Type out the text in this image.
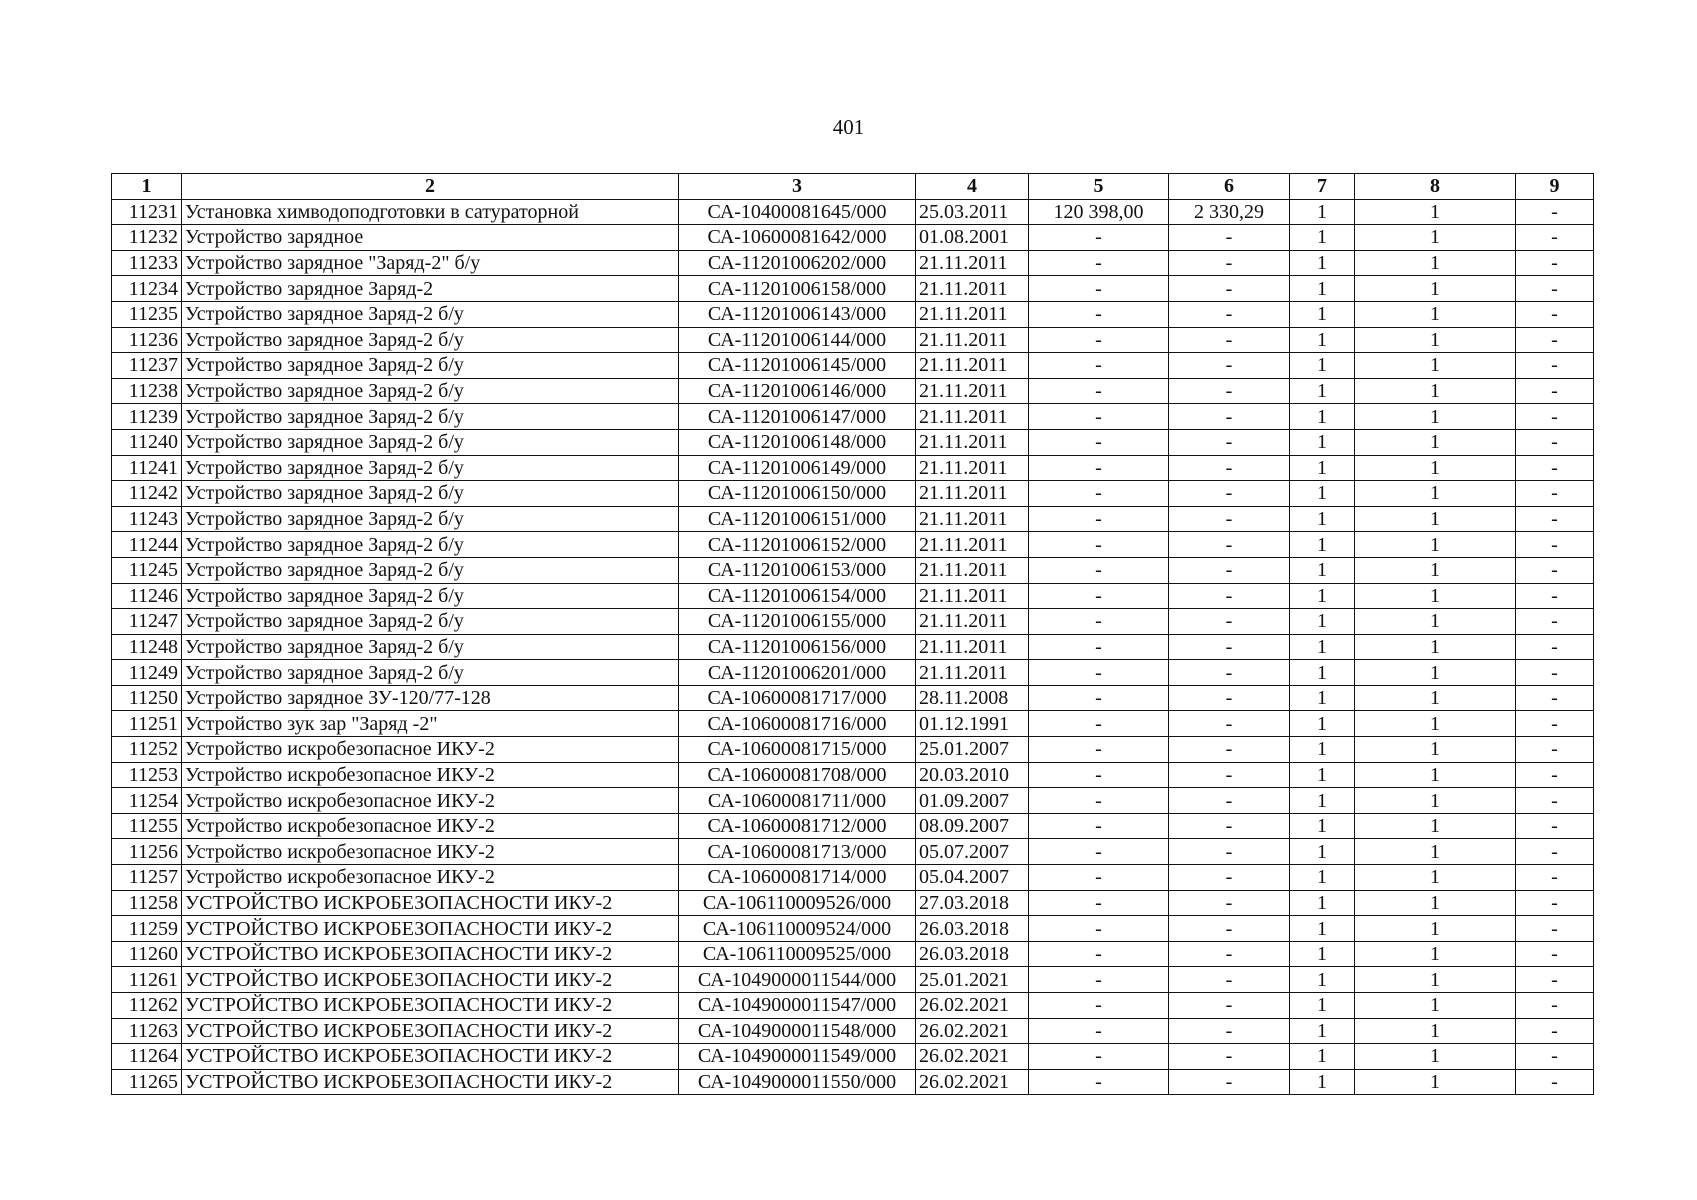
401
1	2	3	4	5	6	7	8	9
11231	Установка химводоподготовки в сатураторной	СА-10400081645/000	25.03.2011	120 398,00	2 330,29	1	1	-
11232	Устройство зарядное	СА-10600081642/000	01.08.2001	-	-	1	1	-
11233	Устройство зарядное "Заряд-2" б/у	СА-11201006202/000	21.11.2011	-	-	1	1	-
11234	Устройство зарядное Заряд-2	СА-11201006158/000	21.11.2011	-	-	1	1	-
11235	Устройство зарядное Заряд-2 б/у	СА-11201006143/000	21.11.2011	-	-	1	1	-
11236	Устройство зарядное Заряд-2 б/у	СА-11201006144/000	21.11.2011	-	-	1	1	-
11237	Устройство зарядное Заряд-2 б/у	СА-11201006145/000	21.11.2011	-	-	1	1	-
11238	Устройство зарядное Заряд-2 б/у	СА-11201006146/000	21.11.2011	-	-	1	1	-
11239	Устройство зарядное Заряд-2 б/у	СА-11201006147/000	21.11.2011	-	-	1	1	-
11240	Устройство зарядное Заряд-2 б/у	СА-11201006148/000	21.11.2011	-	-	1	1	-
11241	Устройство зарядное Заряд-2 б/у	СА-11201006149/000	21.11.2011	-	-	1	1	-
11242	Устройство зарядное Заряд-2 б/у	СА-11201006150/000	21.11.2011	-	-	1	1	-
11243	Устройство зарядное Заряд-2 б/у	СА-11201006151/000	21.11.2011	-	-	1	1	-
11244	Устройство зарядное Заряд-2 б/у	СА-11201006152/000	21.11.2011	-	-	1	1	-
11245	Устройство зарядное Заряд-2 б/у	СА-11201006153/000	21.11.2011	-	-	1	1	-
11246	Устройство зарядное Заряд-2 б/у	СА-11201006154/000	21.11.2011	-	-	1	1	-
11247	Устройство зарядное Заряд-2 б/у	СА-11201006155/000	21.11.2011	-	-	1	1	-
11248	Устройство зарядное Заряд-2 б/у	СА-11201006156/000	21.11.2011	-	-	1	1	-
11249	Устройство зарядное Заряд-2 б/у	СА-11201006201/000	21.11.2011	-	-	1	1	-
11250	Устройство зарядное ЗУ-120/77-128	СА-10600081717/000	28.11.2008	-	-	1	1	-
11251	Устройство зук зар "Заряд -2"	СА-10600081716/000	01.12.1991	-	-	1	1	-
11252	Устройство искробезопасное ИКУ-2	СА-10600081715/000	25.01.2007	-	-	1	1	-
11253	Устройство искробезопасное ИКУ-2	СА-10600081708/000	20.03.2010	-	-	1	1	-
11254	Устройство искробезопасное ИКУ-2	СА-10600081711/000	01.09.2007	-	-	1	1	-
11255	Устройство искробезопасное ИКУ-2	СА-10600081712/000	08.09.2007	-	-	1	1	-
11256	Устройство искробезопасное ИКУ-2	СА-10600081713/000	05.07.2007	-	-	1	1	-
11257	Устройство искробезопасное ИКУ-2	СА-10600081714/000	05.04.2007	-	-	1	1	-
11258	УСТРОЙСТВО ИСКРОБЕЗОПАСНОСТИ ИКУ-2	СА-106110009526/000	27.03.2018	-	-	1	1	-
11259	УСТРОЙСТВО ИСКРОБЕЗОПАСНОСТИ ИКУ-2	СА-106110009524/000	26.03.2018	-	-	1	1	-
11260	УСТРОЙСТВО ИСКРОБЕЗОПАСНОСТИ ИКУ-2	СА-106110009525/000	26.03.2018	-	-	1	1	-
11261	УСТРОЙСТВО ИСКРОБЕЗОПАСНОСТИ ИКУ-2	СА-1049000011544/000	25.01.2021	-	-	1	1	-
11262	УСТРОЙСТВО ИСКРОБЕЗОПАСНОСТИ ИКУ-2	СА-1049000011547/000	26.02.2021	-	-	1	1	-
11263	УСТРОЙСТВО ИСКРОБЕЗОПАСНОСТИ ИКУ-2	СА-1049000011548/000	26.02.2021	-	-	1	1	-
11264	УСТРОЙСТВО ИСКРОБЕЗОПАСНОСТИ ИКУ-2	СА-1049000011549/000	26.02.2021	-	-	1	1	-
11265	УСТРОЙСТВО ИСКРОБЕЗОПАСНОСТИ ИКУ-2	СА-1049000011550/000	26.02.2021	-	-	1	1	-
